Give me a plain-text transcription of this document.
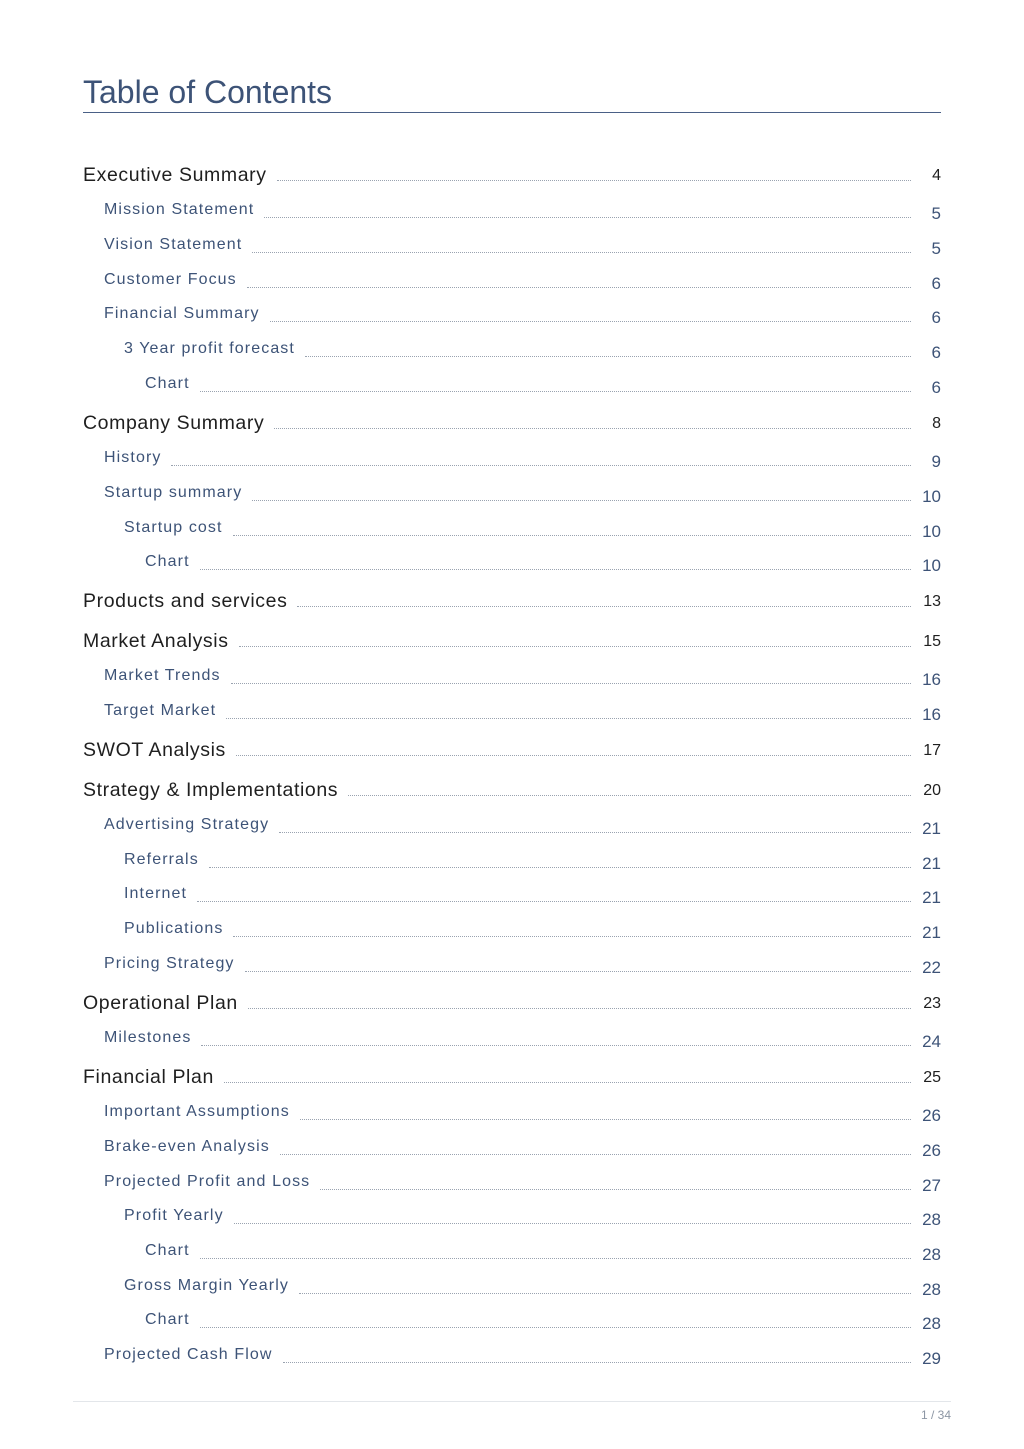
Table of Contents
Executive Summary	4
Mission Statement	5
Vision Statement	5
Customer Focus	6
Financial Summary	6
3 Year profit forecast	6
Chart	6
Company Summary	8
History	9
Startup summary	10
Startup cost	10
Chart	10
Products and services	13
Market Analysis	15
Market Trends	16
Target Market	16
SWOT Analysis	17
Strategy & Implementations	20
Advertising Strategy	21
Referrals	21
Internet	21
Publications	21
Pricing Strategy	22
Operational Plan	23
Milestones	24
Financial Plan	25
Important Assumptions	26
Brake-even Analysis	26
Projected Profit and Loss	27
Profit Yearly	28
Chart	28
Gross Margin Yearly	28
Chart	28
Projected Cash Flow	29
1 / 34
